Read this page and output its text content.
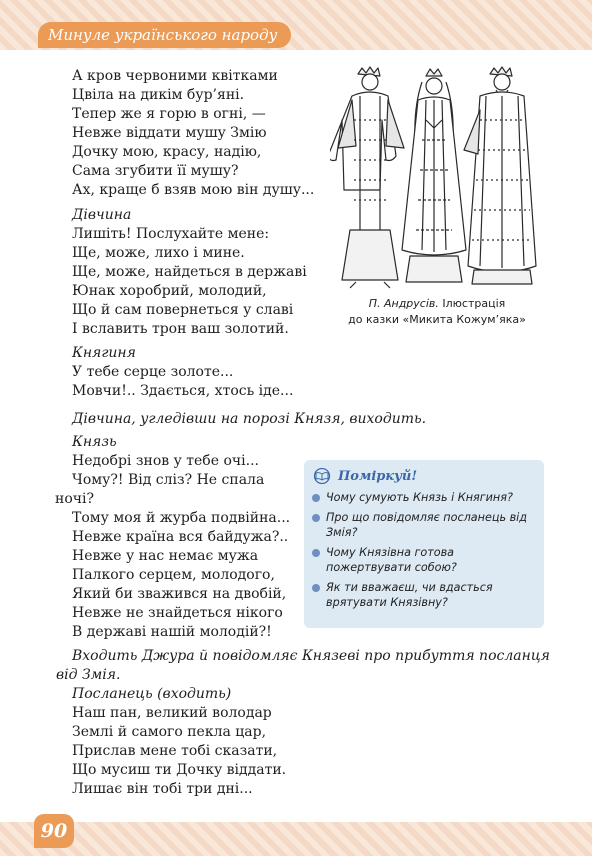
Минуле українського народу
А кров червоними квітками
Цвіла на дикім бур’яні.
Тепер же я горю в огні, —
Невже віддати мушу Змію
Дочку мою, красу, надію,
Сама згубити її мушу?
Ах, краще б взяв мою він душу...
Дівчина
Лишіть! Послухайте мене:
Ще, може, лихо і мине.
Ще, може, найдеться в державі
Юнак хоробрий, молодий,
Що й сам повернеться у славі
І вславить трон ваш золотий.
Княгиня
У тебе серце золоте...
Мовчи!.. Здається, хтось іде...

Дівчина, угледівши на порозі Князя, виходить.

Князь
Недобрі знов у тебе очі...
Чому?! Від сліз? Не спала
ночі?
Тому моя й журба подвійна...
Невже країна вся байдужа?..
Невже у нас немає мужа
Палкого серцем, молодого,
Який би зважився на двобій,
Невже не знайдеться нікого
В державі нашій молодій?!
Входить Джура й повідомляє Князеві про прибуття посланця
від Змія.
Посланець (входить)
Наш пан, великий володар
Землі й самого пекла цар,
Прислав мене тобі сказати,
Що мусиш ти Дочку віддати.
Лишає він тобі три дні...
П. Андрусів. Ілюстрація
до казки «Микита Кожум’яка»
Поміркуй!
Чому сумують Князь і Княгиня?
Про що повідомляє посланець від Змія?
Чому Князівна готова пожертвувати собою?
Як ти вважаєш, чи вдасться врятувати Князівну?
90
